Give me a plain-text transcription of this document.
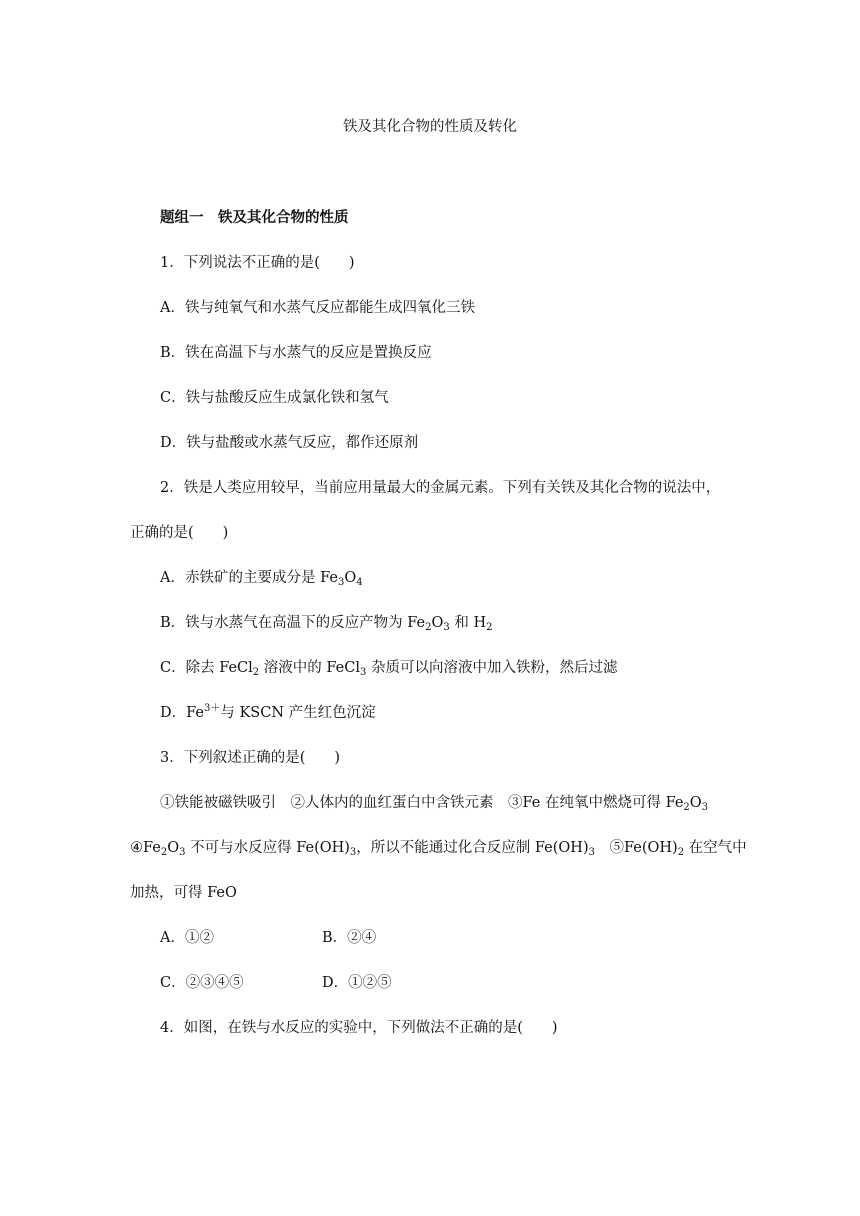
铁及其化合物的性质及转化
题组一　铁及其化合物的性质
1．下列说法不正确的是(　　)
A．铁与纯氧气和水蒸气反应都能生成四氧化三铁
B．铁在高温下与水蒸气的反应是置换反应
C．铁与盐酸反应生成氯化铁和氢气
D．铁与盐酸或水蒸气反应，都作还原剂
2．铁是人类应用较早，当前应用量最大的金属元素。下列有关铁及其化合物的说法中，
正确的是(　　)
A．赤铁矿的主要成分是 $Fe_3O_4$
B．铁与水蒸气在高温下的反应产物为 $Fe_2O_3$ 和 $H_2$
C．除去 FeCl$_2$ 溶液中的 FeCl$_3$ 杂质可以向溶液中加入铁粉，然后过滤
D．$Fe^{3+}$与 KSCN 产生红色沉淀
3．下列叙述正确的是(　　)
①铁能被磁铁吸引　②人体内的血红蛋白中含铁元素　③Fe 在纯氧中燃烧可得 $Fe_2O_3$
$④Fe_2O_3$ 不可与水反应得 $Fe(OH)_3$，所以不能通过化合反应制 $Fe(OH)_3$　$⑤Fe(OH)_2$ 在空气中
加热，可得 FeO
A．①②	B．②④
C．②③④⑤	D．①②⑤
4．如图，在铁与水反应的实验中，下列做法不正确的是(　　)
